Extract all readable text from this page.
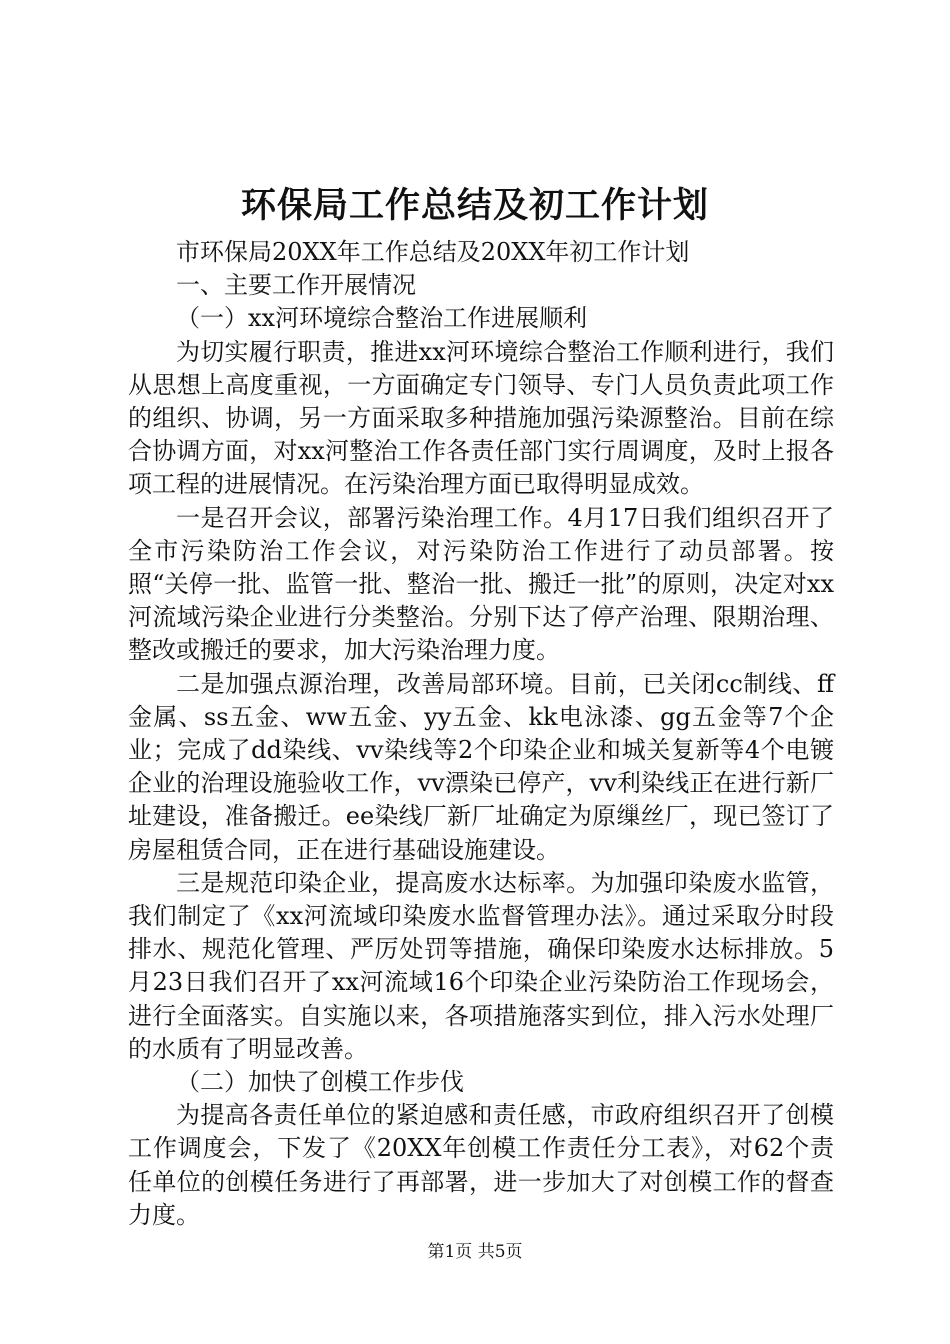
环保局工作总结及初工作计划

市环保局20XX年工作总结及20XX年初工作计划

一、主要工作开展情况

（一）xx河环境综合整治工作进展顺利

为切实履行职责，推进xx河环境综合整治工作顺利进行，我们从思想上高度重视，一方面确定专门领导、专门人员负责此项工作的组织、协调，另一方面采取多种措施加强污染源整治。目前在综合协调方面，对xx河整治工作各责任部门实行周调度，及时上报各项工程的进展情况。在污染治理方面已取得明显成效。

一是召开会议，部署污染治理工作。4月17日我们组织召开了全市污染防治工作会议，对污染防治工作进行了动员部署。按照“关停一批、监管一批、整治一批、搬迁一批”的原则，决定对xx河流域污染企业进行分类整治。分别下达了停产治理、限期治理、整改或搬迁的要求，加大污染治理力度。

二是加强点源治理，改善局部环境。目前，已关闭cc制线、ff金属、ss五金、ww五金、yy五金、kk电泳漆、gg五金等7个企业；完成了dd染线、vv染线等2个印染企业和城关复新等4个电镀企业的治理设施验收工作，vv漂染已停产，vv利染线正在进行新厂址建设，准备搬迁。ee染线厂新厂址确定为原缫丝厂，现已签订了房屋租赁合同，正在进行基础设施建设。

三是规范印染企业，提高废水达标率。为加强印染废水监管，我们制定了《xx河流域印染废水监督管理办法》。通过采取分时段排水、规范化管理、严厉处罚等措施，确保印染废水达标排放。5月23日我们召开了xx河流域16个印染企业污染防治工作现场会，进行全面落实。自实施以来，各项措施落实到位，排入污水处理厂的水质有了明显改善。

（二）加快了创模工作步伐

为提高各责任单位的紧迫感和责任感，市政府组织召开了创模工作调度会，下发了《20XX年创模工作责任分工表》，对62个责任单位的创模任务进行了再部署，进一步加大了对创模工作的督查力度。

第1页 共5页
